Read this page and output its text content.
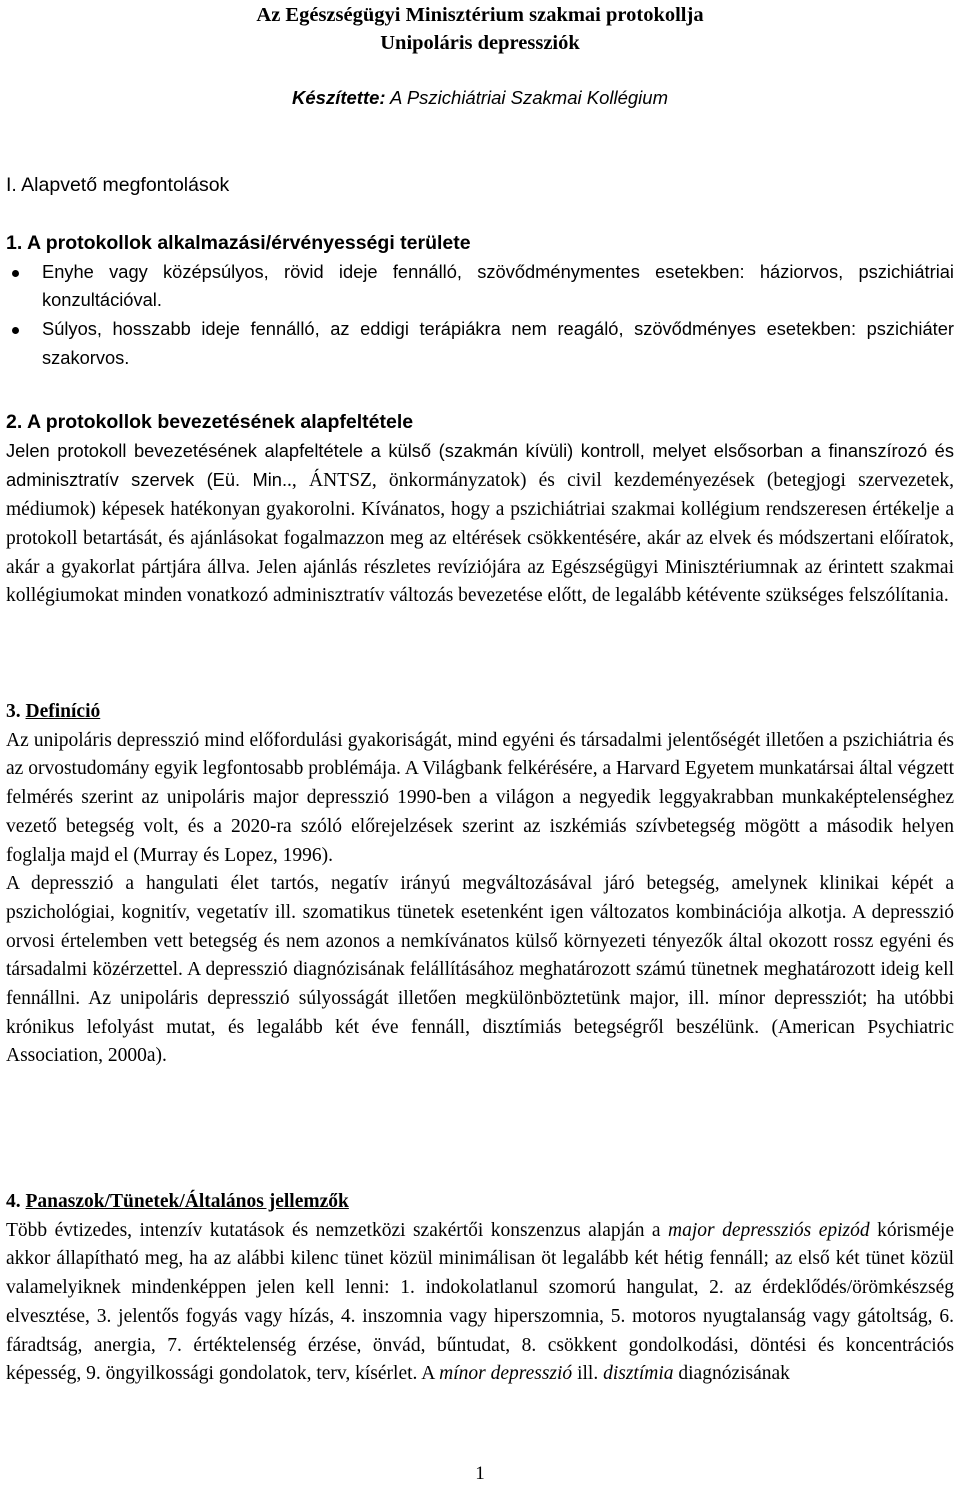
Az Egészségügyi Minisztérium szakmai protokollja
Unipoláris depressziók
Készítette: A Pszichiátriai Szakmai Kollégium
I. Alapvető megfontolások
1. A protokollok alkalmazási/érvényességi területe
Enyhe vagy középsúlyos, rövid ideje fennálló, szövődménymentes esetekben: háziorvos, pszichiátriai konzultációval.
Súlyos, hosszabb ideje fennálló, az eddigi terápiákra nem reagáló, szövődményes esetekben: pszichiáter szakorvos.
2. A protokollok bevezetésének alapfeltétele

Jelen protokoll bevezetésének alapfeltétele a külső (szakmán kívüli) kontroll, melyet elsősorban a finanszírozó és adminisztratív szervek (Eü. Min.., ÁNTSZ, önkormányzatok) és civil kezdeményezések (betegjogi szervezetek, médiumok) képesek hatékonyan gyakorolni. Kívánatos, hogy a pszichiátriai szakmai kollégium rendszeresen értékelje a protokoll betartását, és ajánlásokat fogalmazzon meg az eltérések csökkentésére, akár az elvek és módszertani előíratok, akár a gyakorlat pártjára állva. Jelen ajánlás részletes revíziójára az Egészségügyi Minisztériumnak az érintett szakmai kollégiumokat minden vonatkozó adminisztratív változás bevezetése előtt, de legalább kétévente szükséges felszólítania.

3. Definíció

Az unipoláris depresszió mind előfordulási gyakoriságát, mind egyéni és társadalmi jelentőségét illetően a pszichiátria és az orvostudomány egyik legfontosabb problémája. A Világbank felkérésére, a Harvard Egyetem munkatársai által végzett felmérés szerint az unipoláris major depresszió 1990-ben a világon a negyedik leggyakrabban munkaképtelenséghez vezető betegség volt, és a 2020-ra szóló előrejelzések szerint az iszkémiás szívbetegség mögött a második helyen foglalja majd el (Murray és Lopez, 1996).

A depresszió a hangulati élet tartós, negatív irányú megváltozásával járó betegség, amelynek klinikai képét a pszichológiai, kognitív, vegetatív ill. szomatikus tünetek esetenként igen változatos kombinációja alkotja. A depresszió orvosi értelemben vett betegség és nem azonos a nemkívánatos külső környezeti tényezők által okozott rossz egyéni és társadalmi közérzettel. A depresszió diagnózisának felállításához meghatározott számú tünetnek meghatározott ideig kell fennállni. Az unipoláris depresszió súlyosságát illetően megkülönböztetünk major, ill. mínor depressziót; ha utóbbi krónikus lefolyást mutat, és legalább két éve fennáll, disztímiás betegségről beszélünk. (American Psychiatric Association, 2000a).

4. Panaszok/Tünetek/Általános jellemzők

Több évtizedes, intenzív kutatások és nemzetközi szakértői konszenzus alapján a major depressziós epizód kórisméje akkor állapítható meg, ha az alábbi kilenc tünet közül minimálisan öt legalább két hétig fennáll; az első két tünet közül valamelyiknek mindenképpen jelen kell lenni: 1. indokolatlanul szomorú hangulat, 2. az érdeklődés/örömkészség elvesztése, 3. jelentős fogyás vagy hízás, 4. inszomnia vagy hiperszomnia, 5. motoros nyugtalanság vagy gátoltság, 6. fáradtság, anergia, 7. értéktelenség érzése, önvád, bűntudat, 8. csökkent gondolkodási, döntési és koncentrációs képesség, 9. öngyilkossági gondolatok, terv, kísérlet. A mínor depresszió ill. disztímia diagnózisának

1
